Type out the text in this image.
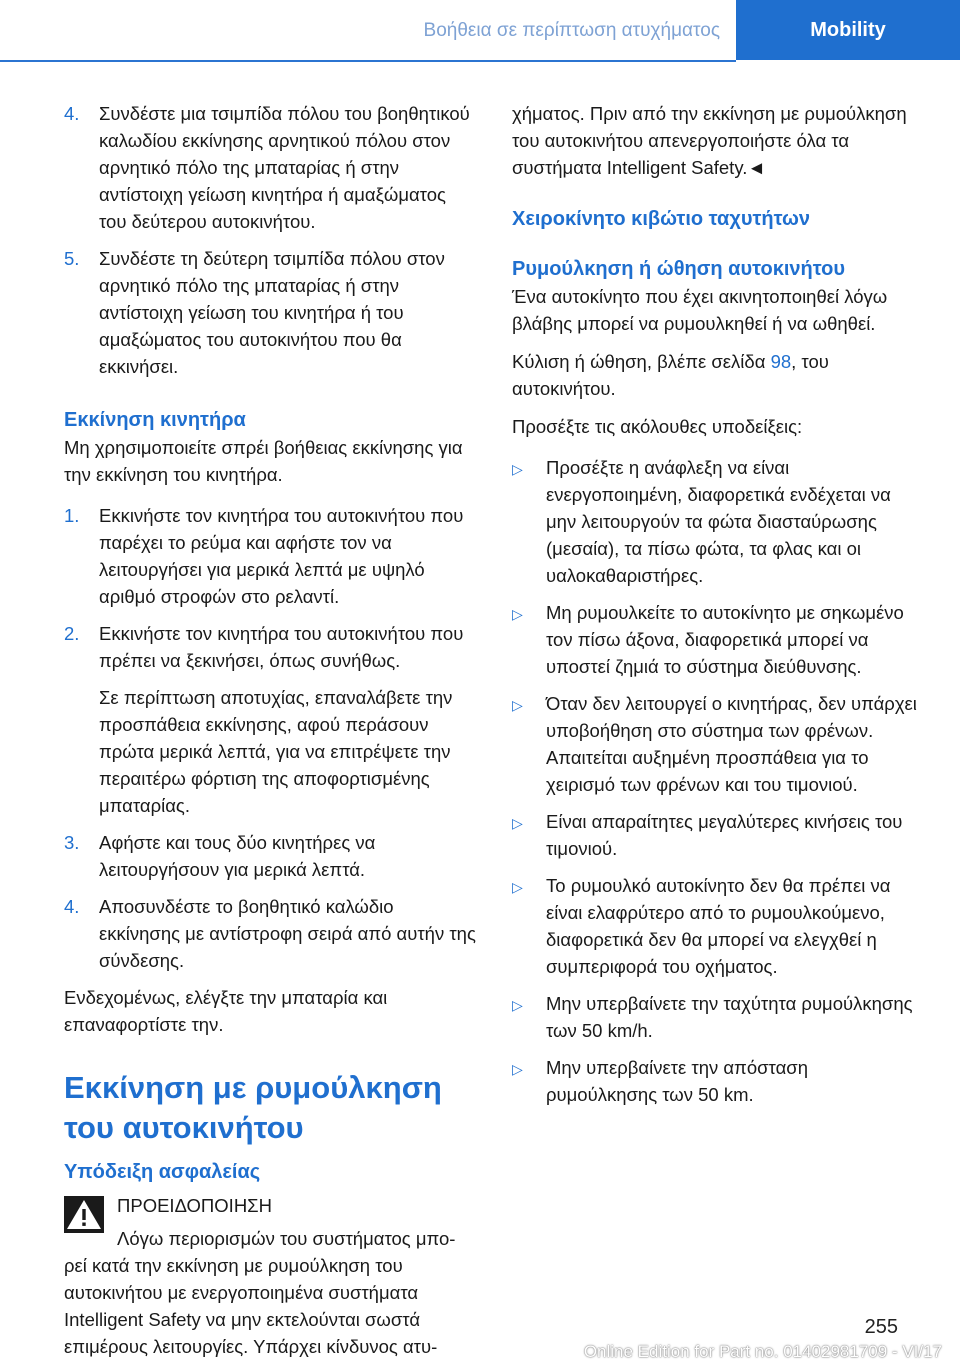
Βοήθεια σε περίπτωση ατυχήματος	Mobility
4.	Συνδέστε μια τσιμπίδα πόλου του βοηθητικού καλωδίου εκκίνησης αρνητικού πόλου στον αρνητικό πόλο της μπαταρίας ή στην αντίστοιχη γείωση κινητήρα ή αμαξώματος του δεύτερου αυτοκινήτου.

5.	Συνδέστε τη δεύτερη τσιμπίδα πόλου στον αρνητικό πόλο της μπαταρίας ή στην αντίστοιχη γείωση του κινητήρα ή του αμαξώματος του αυτοκινήτου που θα εκκινήσει.

Εκκίνηση κινητήρα

Μη χρησιμοποιείτε σπρέι βοήθειας εκκίνησης για την εκκίνηση του κινητήρα.

1.	Εκκινήστε τον κινητήρα του αυτοκινήτου που παρέχει το ρεύμα και αφήστε τον να λειτουργήσει για μερικά λεπτά με υψηλό αριθμό στροφών στο ρελαντί.

2.	Εκκινήστε τον κινητήρα του αυτοκινήτου που πρέπει να ξεκινήσει, όπως συνήθως.

Σε περίπτωση αποτυχίας, επαναλάβετε την προσπάθεια εκκίνησης, αφού περάσουν πρώτα μερικά λεπτά, για να επιτρέψετε την περαιτέρω φόρτιση της αποφορτισμένης μπαταρίας.

3.	Αφήστε και τους δύο κινητήρες να λειτουργήσουν για μερικά λεπτά.

4.	Αποσυνδέστε το βοηθητικό καλώδιο εκκίνησης με αντίστροφη σειρά από αυτήν της σύνδεσης.

Ενδεχομένως, ελέγξτε την μπαταρία και επαναφορτίστε την.

Εκκίνηση με ρυμούλκηση του αυτοκινήτου
Υπόδειξη ασφαλείας

ΠΡΟΕΙΔΟΠΟΙΗΣΗ

Λόγω περιορισμών του συστήματος μπο-

ρεί κατά την εκκίνηση με ρυμούλκηση του αυτοκινήτου με ενεργοποιημένα συστήματα Intelligent Safety να μην εκτελούνται σωστά επιμέρους λειτουργίες. Υπάρχει κίνδυνος ατυ-

χήματος. Πριν από την εκκίνηση με ρυμούλκηση του αυτοκινήτου απενεργοποιήστε όλα τα συστήματα Intelligent Safety.◄

Χειροκίνητο κιβώτιο ταχυτήτων
Ρυμούλκηση ή ώθηση αυτοκινήτου

Ένα αυτοκίνητο που έχει ακινητοποιηθεί λόγω βλάβης μπορεί να ρυμουλκηθεί ή να ωθηθεί.

Κύλιση ή ώθηση, βλέπε σελίδα 98, του αυτοκινήτου.

Προσέξτε τις ακόλουθες υποδείξεις:

▷	Προσέξτε η ανάφλεξη να είναι ενεργοποιημένη, διαφορετικά ενδέχεται να μην λειτουργούν τα φώτα διασταύρωσης (μεσαία), τα πίσω φώτα, τα φλας και οι υαλοκαθαριστήρες.
▷	Μη ρυμουλκείτε το αυτοκίνητο με σηκωμένο τον πίσω άξονα, διαφορετικά μπορεί να υποστεί ζημιά το σύστημα διεύθυνσης.
▷	Όταν δεν λειτουργεί ο κινητήρας, δεν υπάρχει υποβοήθηση στο σύστημα των φρένων. Απαιτείται αυξημένη προσπάθεια για το χειρισμό των φρένων και του τιμονιού.
▷	Είναι απαραίτητες μεγαλύτερες κινήσεις του τιμονιού.
▷	Το ρυμουλκό αυτοκίνητο δεν θα πρέπει να είναι ελαφρύτερο από το ρυμουλκούμενο, διαφορετικά δεν θα μπορεί να ελεγχθεί η συμπεριφορά του οχήματος.
▷	Μην υπερβαίνετε την ταχύτητα ρυμούλκησης των 50 km/h.
▷	Μην υπερβαίνετε την απόσταση ρυμούλκησης των 50 km.
255
Online Edition for Part no. 01402981709 - VI/17
